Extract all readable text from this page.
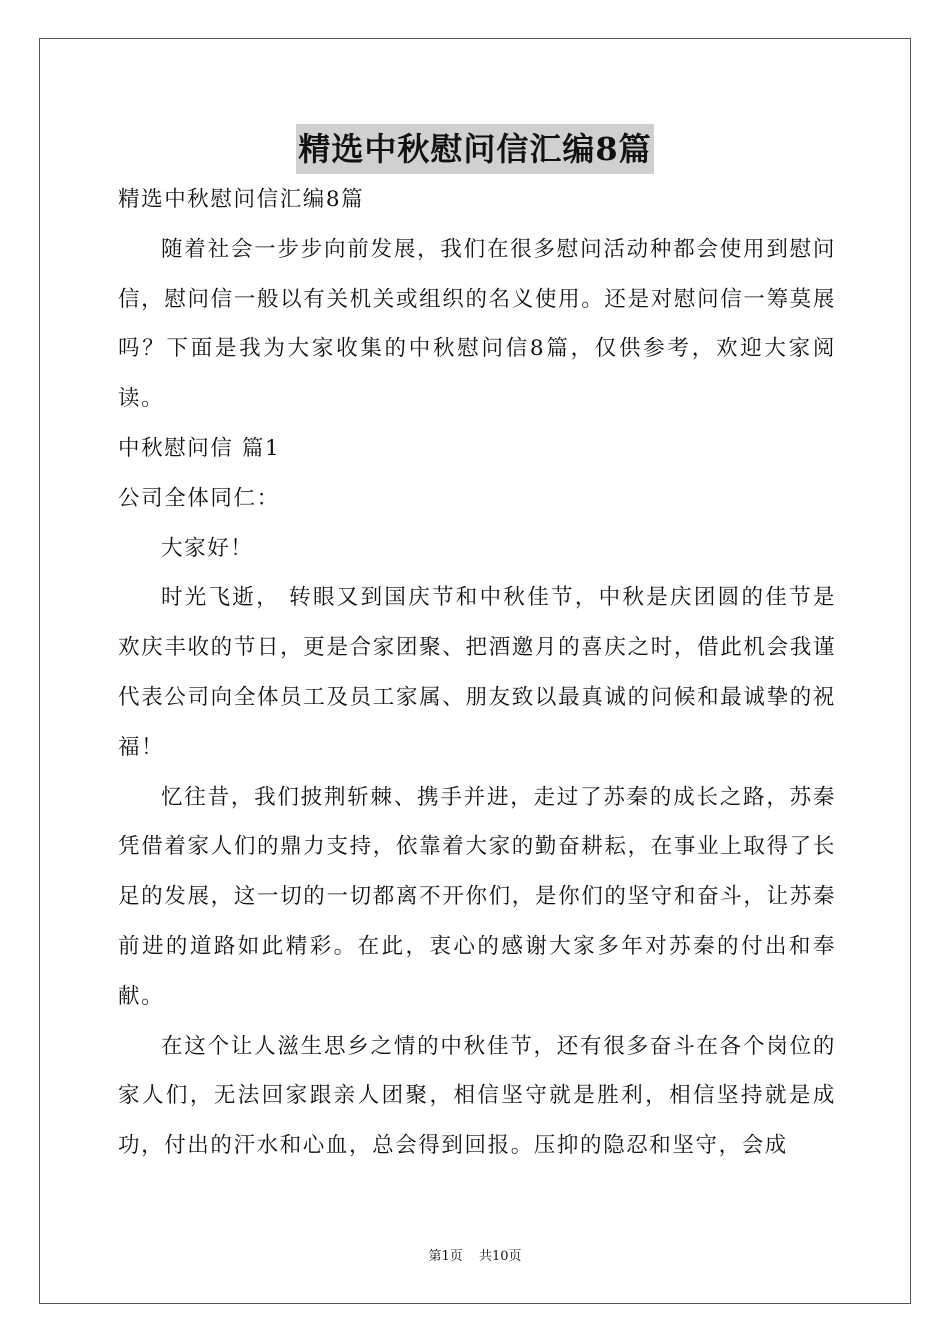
精选中秋慰问信汇编8篇

精选中秋慰问信汇编8篇

随着社会一步步向前发展，我们在很多慰问活动种都会使用到慰问信，慰问信一般以有关机关或组织的名义使用。还是对慰问信一筹莫展吗？下面是我为大家收集的中秋慰问信8篇，仅供参考，欢迎大家阅读。

中秋慰问信 篇1

公司全体同仁：

大家好！

时光飞逝， 转眼又到国庆节和中秋佳节，中秋是庆团圆的佳节是欢庆丰收的节日，更是合家团聚、把酒邀月的喜庆之时，借此机会我谨代表公司向全体员工及员工家属、朋友致以最真诚的问候和最诚挚的祝福！

忆往昔，我们披荆斩棘、携手并进，走过了苏秦的成长之路，苏秦凭借着家人们的鼎力支持，依靠着大家的勤奋耕耘，在事业上取得了长足的发展，这一切的一切都离不开你们，是你们的坚守和奋斗，让苏秦前进的道路如此精彩。在此，衷心的感谢大家多年对苏秦的付出和奉献。

在这个让人滋生思乡之情的中秋佳节，还有很多奋斗在各个岗位的家人们，无法回家跟亲人团聚，相信坚守就是胜利，相信坚持就是成功，付出的汗水和心血，总会得到回报。压抑的隐忍和坚守，会成

第1页 共10页
